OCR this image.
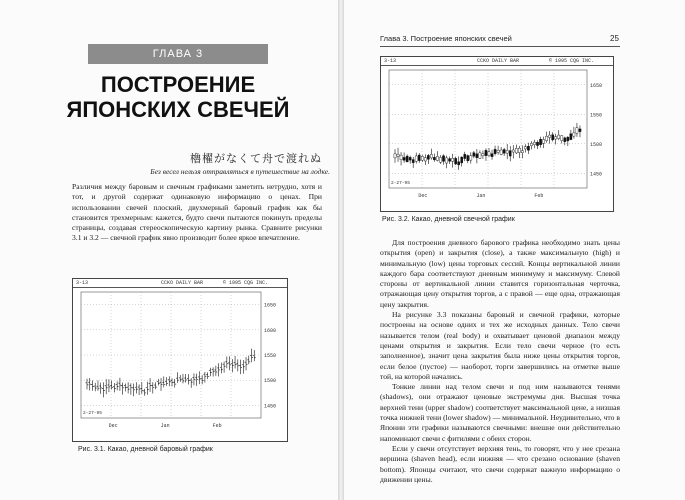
ГЛАВА 3
ПОСТРОЕНИЕ
ЯПОНСКИХ СВЕЧЕЙ
櫓櫂がなくて舟で渡れぬ
Без весел нельзя отправляться в путешествие на лодке.

Различия между баровым и свечным графиками заметить нетрудно, хотя и тот, и другой содержат одинаковую информацию о ценах. При использовании свечей плоский, двухмерный баровый график как бы становится трехмерным: кажется, будто свечи пытаются покинуть пределы страницы, создавая стереоскопическую картину рынка. Сравните рисунки 3.1 и 3.2 — свечной график явно производит более яркое впечатление.

3-13	CCKO DAILY BAR	© 1995 CQG INC.
1650
1600
1550
1500
1450
Dec	Jan	Feb
2-27-95
Рис. 3.1. Какао, дневной баровый график
Глава 3. Построение японских свечей	25
3-13	CCKO DAILY BAR	© 1995 CQG INC.
1650
1550
1500
1450
Dec	Jan	Feb
2-27-95
Рис. 3.2. Какао, дневной свечной график

Для построения дневного барового графика необходимо знать цены открытия (open) и закрытия (close), а также максимальную (high) и минимальную (low) цены торговых сессий. Концы вертикальной линии каждого бара соответствуют дневным минимуму и максимуму. Слевой стороны от вертикальной линии ставится горизонтальная черточка, отражающая цену открытия торгов, а с правой — еще одна, отражающая цену закрытия.

На рисунке 3.3 показаны баровый и свечной графики, которые построены на основе одних и тех же исходных данных. Тело свечи называется телом (real body) и охватывает ценовой диапазон между ценами открытия и закрытия. Если тело свечи черное (то есть заполненное), значит цена закрытия была ниже цены открытия торгов, если белое (пустое) — наоборот, торги завершились на отметке выше той, на которой начались.

Тонкие линии над телом свечи и под ним называются тенями (shadows), они отражают ценовые экстремумы дня. Высшая точка верхней тени (upper shadow) соответствует максимальной цене, а низшая точка нижней тени (lower shadow) — минимальной. Неудивительно, что в Японии эти графики называются свечными: внешне они действительно напоминают свечи с фитилями с обеих сторон.

Если у свечи отсутствует верхняя тень, то говорят, что у нее срезана вершина (shaven head), если нижняя — что срезано основание (shaven bottom). Японцы считают, что свечи содержат важную информацию о движении цены.
